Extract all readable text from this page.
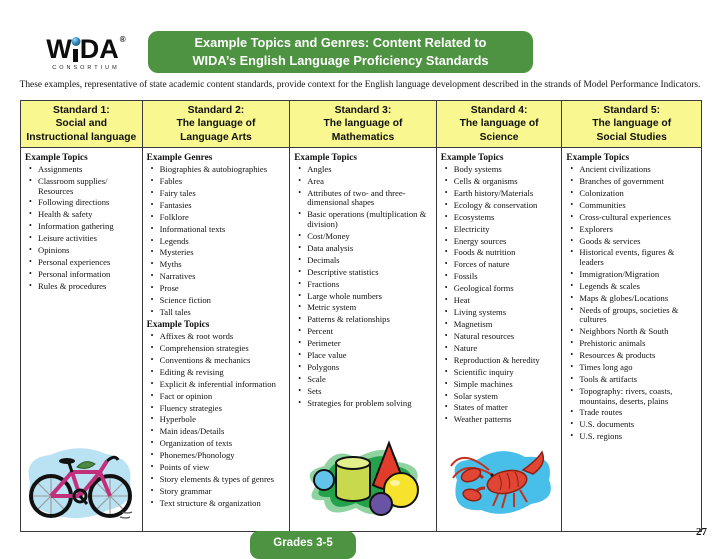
W DA ®
CONSORTIUM
Example Topics and Genres: Content Related to
WIDA’s English Language Proficiency Standards
These examples, representative of state academic content standards, provide context for the English language development described in the strands of Model Performance Indicators.
Standard 1:
Social and
Instructional language
Example Topics
• Assignments
• Classroom supplies/ Resources
• Following directions
• Health & safety
• Information gathering
• Leisure activities
• Opinions
• Personal experiences
• Personal information
• Rules & procedures
Standard 2:
The language of
Language Arts
Example Genres
• Biographies & autobiographies
• Fables
• Fairy tales
• Fantasies
• Folklore
• Informational texts
• Legends
• Mysteries
• Myths
• Narratives
• Prose
• Science fiction
• Tall tales
Example Topics
• Affixes & root words
• Comprehension strategies
• Conventions & mechanics
• Editing & revising
• Explicit & inferential information
• Fact or opinion
• Fluency strategies
• Hyperbole
• Main ideas/Details
• Organization of texts
• Phonemes/Phonology
• Points of view
• Story elements & types of genres
• Story grammar
• Text structure & organization
Standard 3:
The language of
Mathematics
Example Topics
• Angles
• Area
• Attributes of two- and three-dimensional shapes
• Basic operations (multiplication & division)
• Cost/Money
• Data analysis
• Decimals
• Descriptive statistics
• Fractions
• Large whole numbers
• Metric system
• Patterns & relationships
• Percent
• Perimeter
• Place value
• Polygons
• Scale
• Sets
• Strategies for problem solving
Standard 4:
The language of
Science
Example Topics
• Body systems
• Cells & organisms
• Earth history/Materials
• Ecology & conservation
• Ecosystems
• Electricity
• Energy sources
• Foods & nutrition
• Forces of nature
• Fossils
• Geological forms
• Heat
• Living systems
• Magnetism
• Natural resources
• Nature
• Reproduction & heredity
• Scientific inquiry
• Simple machines
• Solar system
• States of matter
• Weather patterns
Standard 5:
The language of
Social Studies
Example Topics
• Ancient civilizations
• Branches of government
• Colonization
• Communities
• Cross-cultural experiences
• Explorers
• Goods & services
• Historical events, figures & leaders
• Immigration/Migration
• Legends & scales
• Maps & globes/Locations
• Needs of groups, societies & cultures
• Neighbors North & South
• Prehistoric animals
• Resources & products
• Times long ago
• Tools & artifacts
• Topography: rivers, coasts, mountains, deserts, plains
• Trade routes
• U.S. documents
• U.S. regions
Grades 3-5
27
